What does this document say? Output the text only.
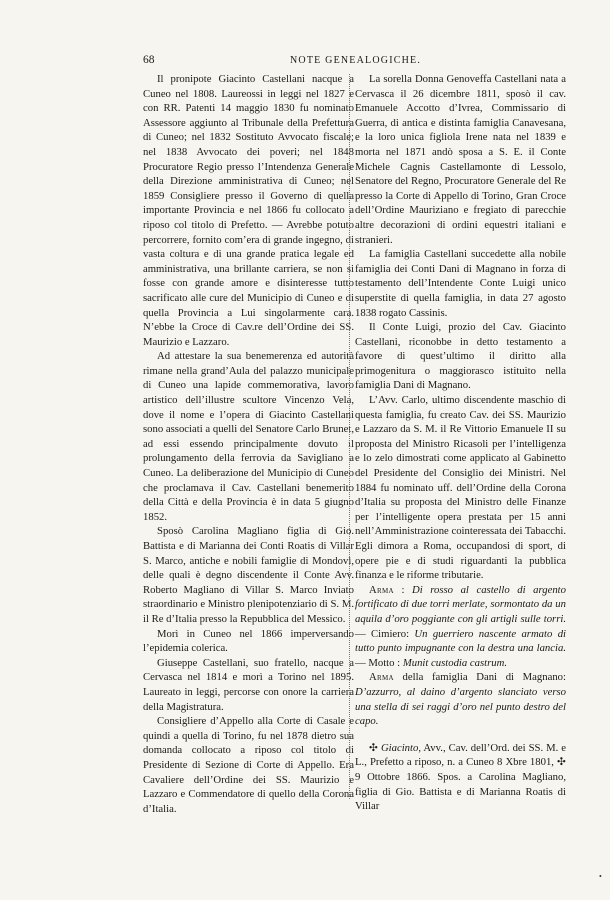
68	NOTE GENEALOGICHE.

Il pronipote Giacinto Castellani nacque a Cuneo nel 1808. Laureossi in leggi nel 1827 e con RR. Patenti 14 maggio 1830 fu nominato Assessore aggiunto al Tribunale della Prefettura di Cuneo; nel 1832 Sostituto Avvocato fiscale; nel 1838 Avvocato dei poveri; nel 1848 Procuratore Regio presso l’Intendenza Generale della Direzione amministrativa di Cuneo; nel 1859 Consigliere presso il Governo di quella importante Provincia e nel 1866 fu collocato a riposo col titolo di Prefetto. — Avrebbe potuto percorrere, fornito com’era di grande ingegno, di vasta coltura e di una grande pratica legale ed amministrativa, una brillante carriera, se non si fosse con grande amore e disinteresse tutto sacrificato alle cure del Municipio di Cuneo e di quella Provincia a Lui singolarmente cara. N’ebbe la Croce di Cav.re dell’Ordine dei SS. Maurizio e Lazzaro.

Ad attestare la sua benemerenza ed autorità rimane nella grand’Aula del palazzo municipale di Cuneo una lapide commemorativa, lavoro artistico dell’illustre scultore Vincenzo Vela, dove il nome e l’opera di Giacinto Castellani sono associati a quelli del Senatore Carlo Brunet, ad essi essendo principalmente dovuto il prolungamento della ferrovia da Savigliano a Cuneo. La deliberazione del Municipio di Cuneo che proclamava il Cav. Castellani benemerito della Città e della Provincia è in data 5 giugno 1852.

Sposò Carolina Magliano figlia di Gio. Battista e di Marianna dei Conti Roatis di Villar S. Marco, antiche e nobili famiglie di Mondovì, delle quali è degno discendente il Conte Avv. Roberto Magliano di Villar S. Marco Inviato straordinario e Ministro plenipotenziario di S. M. il Re d’Italia presso la Repubblica del Messico.

Morì in Cuneo nel 1866 imperversando l’epidemia colerica.

Giuseppe Castellani, suo fratello, nacque a Cervasca nel 1814 e morì a Torino nel 1895. Laureato in leggi, percorse con onore la carriera della Magistratura.

Consigliere d’Appello alla Corte di Casale e quindi a quella di Torino, fu nel 1878 dietro sua domanda collocato a riposo col titolo di Presidente di Sezione di Corte di Appello. Era Cavaliere dell’Ordine dei SS. Maurizio e Lazzaro e Commendatore di quello della Corona d’Italia.

La sorella Donna Genoveffa Castellani nata a Cervasca il 26 dicembre 1811, sposò il cav. Emanuele Accotto d’Ivrea, Commissario di Guerra, di antica e distinta famiglia Canavesana, e la loro unica figliola Irene nata nel 1839 e morta nel 1871 andò sposa a S. E. il Conte Michele Cagnis Castellamonte di Lessolo, Senatore del Regno, Procuratore Generale del Re presso la Corte di Appello di Torino, Gran Croce dell’Ordine Mauriziano e fregiato di parecchie altre decorazioni di ordini equestri italiani e stranieri.

La famiglia Castellani succedette alla nobile famiglia dei Conti Dani di Magnano in forza di testamento dell’Intendente Conte Luigi unico superstite di quella famiglia, in data 27 agosto 1838 rogato Cassinis.

Il Conte Luigi, prozio del Cav. Giacinto Castellani, riconobbe in detto testamento a favore di quest’ultimo il diritto alla primogenitura o maggiorasco istituito nella famiglia Dani di Magnano.

L’Avv. Carlo, ultimo discendente maschio di questa famiglia, fu creato Cav. dei SS. Maurizio e Lazzaro da S. M. il Re Vittorio Emanuele II su proposta del Ministro Ricasoli per l’intelligenza e lo zelo dimostrati come applicato al Gabinetto del Presidente del Consiglio dei Ministri. Nel 1884 fu nominato uff. dell’Ordine della Corona d’Italia su proposta del Ministro delle Finanze per l’intelligente opera prestata per 15 anni nell’Amministrazione cointeressata dei Tabacchi. Egli dimora a Roma, occupandosi di sport, di opere pie e di studi riguardanti la pubblica finanza e le riforme tributarie.

Arma : Di rosso al castello di argento fortificato di due torri merlate, sormontato da un aquila d’oro poggiante con gli artigli sulle torri. — Cimiero: Un guerriero nascente armato di tutto punto impugnante con la destra una lancia. — Motto : Munit custodia castrum.

Arma della famiglia Dani di Magnano: D’azzurro, al daino d’argento slanciato verso una stella di sei raggi d’oro nel punto destro del capo.

✣ Giacinto, Avv., Cav. dell’Ord. dei SS. M. e L., Prefetto a riposo, n. a Cuneo 8 Xbre 1801, ✣ 9 Ottobre 1866. Spos. a Carolina Magliano, figlia di Gio. Battista e di Marianna Roatis di Villar

•
